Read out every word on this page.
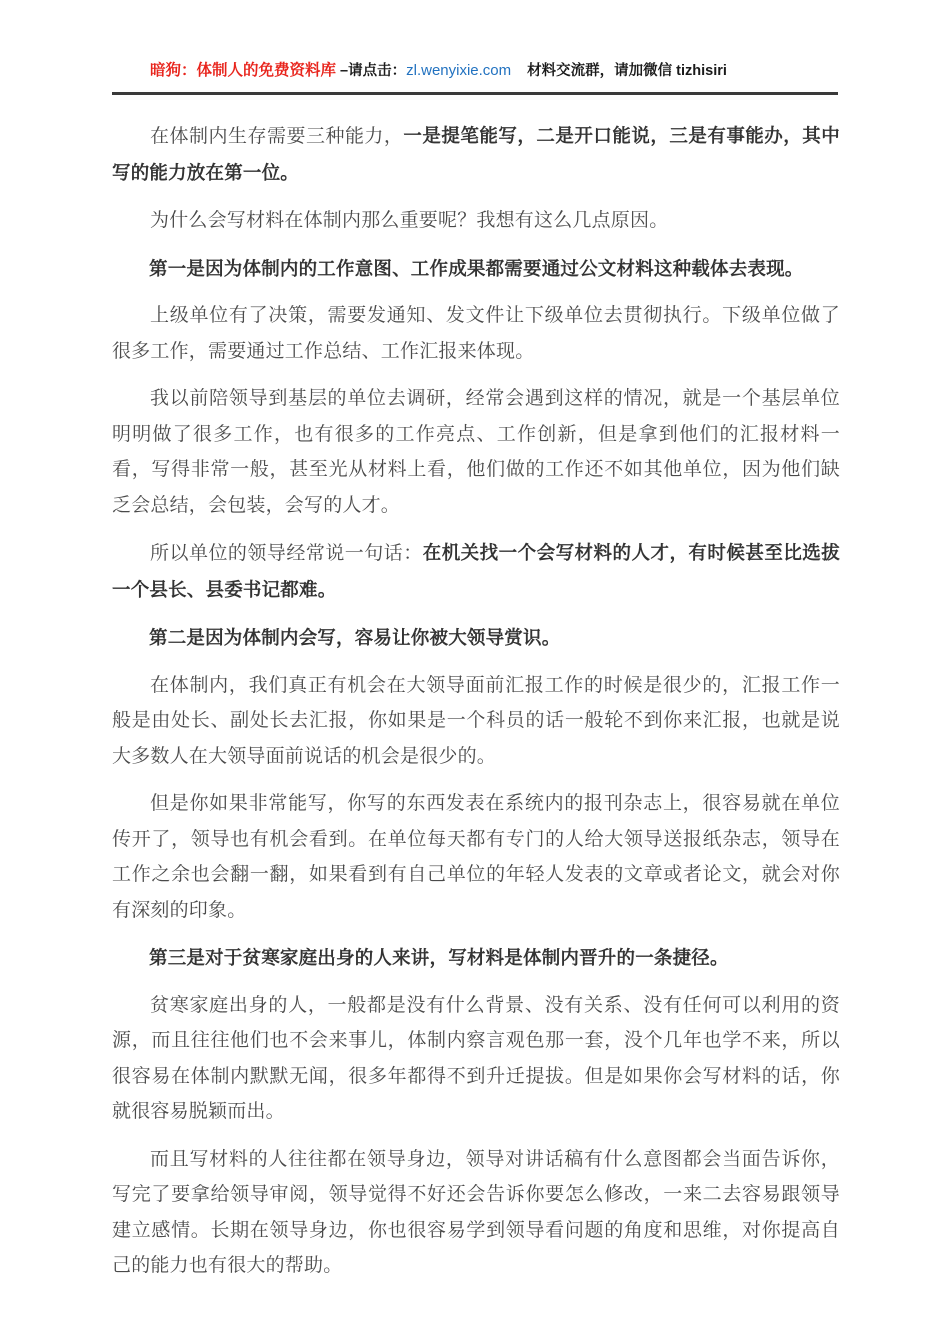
暗狗：体制人的免费资料库 –请点击：zl.wenyixie.com 材料交流群，请加微信 tizhisiri

在体制内生存需要三种能力，一是提笔能写，二是开口能说，三是有事能办，其中写的能力放在第一位。

为什么会写材料在体制内那么重要呢？我想有这么几点原因。

第一是因为体制内的工作意图、工作成果都需要通过公文材料这种载体去表现。

上级单位有了决策，需要发通知、发文件让下级单位去贯彻执行。下级单位做了很多工作，需要通过工作总结、工作汇报来体现。

我以前陪领导到基层的单位去调研，经常会遇到这样的情况，就是一个基层单位明明做了很多工作，也有很多的工作亮点、工作创新，但是拿到他们的汇报材料一看，写得非常一般，甚至光从材料上看，他们做的工作还不如其他单位，因为他们缺乏会总结，会包装，会写的人才。

所以单位的领导经常说一句话：在机关找一个会写材料的人才，有时候甚至比选拔一个县长、县委书记都难。

第二是因为体制内会写，容易让你被大领导赏识。

在体制内，我们真正有机会在大领导面前汇报工作的时候是很少的，汇报工作一般是由处长、副处长去汇报，你如果是一个科员的话一般轮不到你来汇报，也就是说大多数人在大领导面前说话的机会是很少的。

但是你如果非常能写，你写的东西发表在系统内的报刊杂志上，很容易就在单位传开了，领导也有机会看到。在单位每天都有专门的人给大领导送报纸杂志，领导在工作之余也会翻一翻，如果看到有自己单位的年轻人发表的文章或者论文，就会对你有深刻的印象。

第三是对于贫寒家庭出身的人来讲，写材料是体制内晋升的一条捷径。

贫寒家庭出身的人，一般都是没有什么背景、没有关系、没有任何可以利用的资源，而且往往他们也不会来事儿，体制内察言观色那一套，没个几年也学不来，所以很容易在体制内默默无闻，很多年都得不到升迁提拔。但是如果你会写材料的话，你就很容易脱颖而出。

而且写材料的人往往都在领导身边，领导对讲话稿有什么意图都会当面告诉你，写完了要拿给领导审阅，领导觉得不好还会告诉你要怎么修改，一来二去容易跟领导建立感情。长期在领导身边，你也很容易学到领导看问题的角度和思维，对你提高自己的能力也有很大的帮助。
